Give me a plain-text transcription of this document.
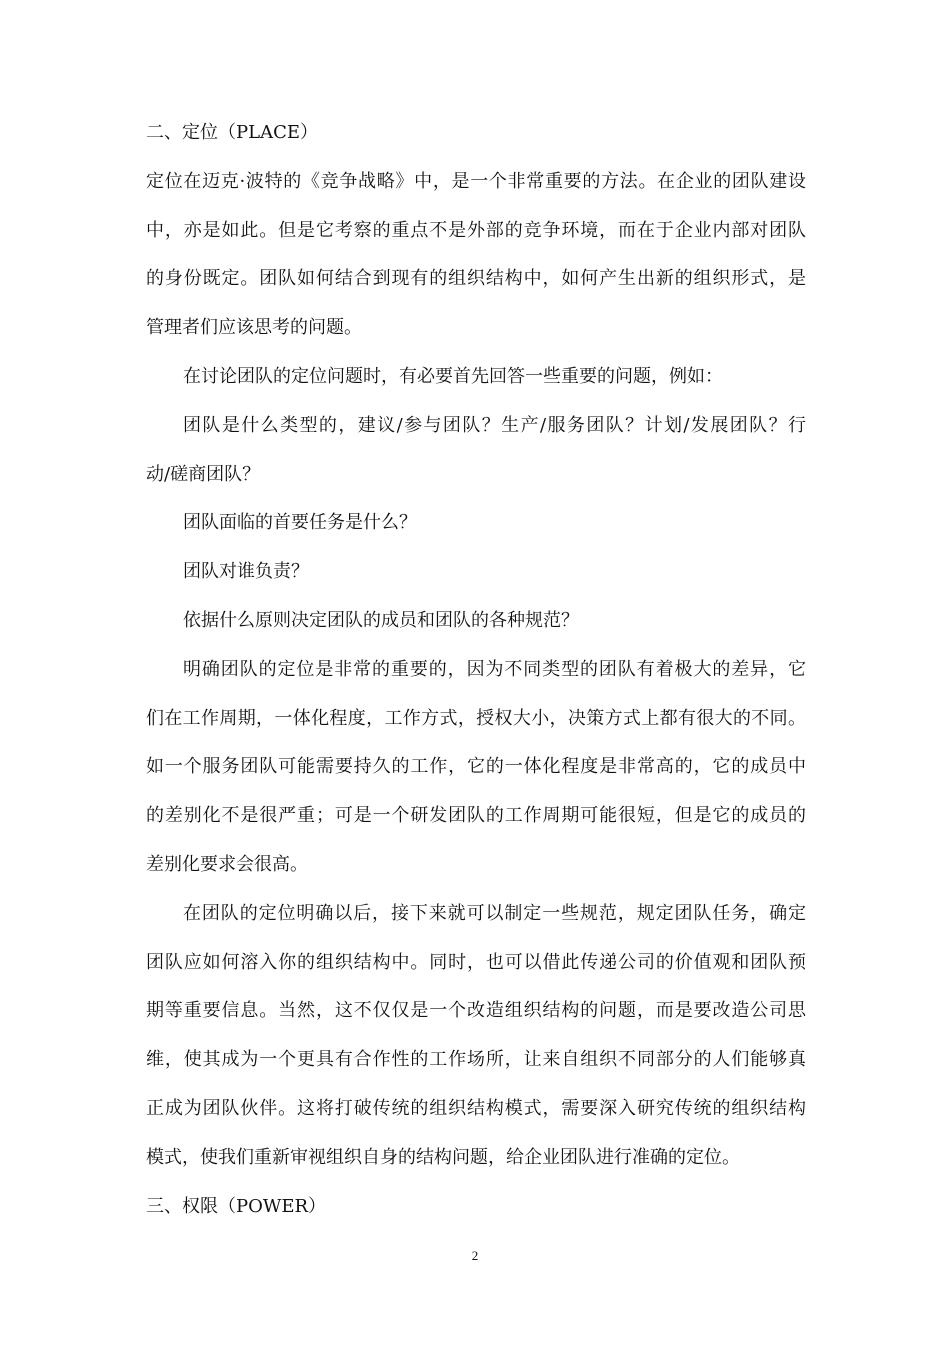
二、定位（PLACE）
定位在迈克·波特的《竞争战略》中，是一个非常重要的方法。在企业的团队建设
中，亦是如此。但是它考察的重点不是外部的竞争环境，而在于企业内部对团队
的身份既定。团队如何结合到现有的组织结构中，如何产生出新的组织形式，是
管理者们应该思考的问题。
在讨论团队的定位问题时，有必要首先回答一些重要的问题，例如：
团队是什么类型的，建议/参与团队？生产/服务团队？计划/发展团队？行
动/磋商团队？
团队面临的首要任务是什么？
团队对谁负责？
依据什么原则决定团队的成员和团队的各种规范？
明确团队的定位是非常的重要的，因为不同类型的团队有着极大的差异，它
们在工作周期，一体化程度，工作方式，授权大小，决策方式上都有很大的不同。
如一个服务团队可能需要持久的工作，它的一体化程度是非常高的，它的成员中
的差别化不是很严重；可是一个研发团队的工作周期可能很短，但是它的成员的
差别化要求会很高。
在团队的定位明确以后，接下来就可以制定一些规范，规定团队任务，确定
团队应如何溶入你的组织结构中。同时，也可以借此传递公司的价值观和团队预
期等重要信息。当然，这不仅仅是一个改造组织结构的问题，而是要改造公司思
维，使其成为一个更具有合作性的工作场所，让来自组织不同部分的人们能够真
正成为团队伙伴。这将打破传统的组织结构模式，需要深入研究传统的组织结构
模式，使我们重新审视组织自身的结构问题，给企业团队进行准确的定位。
三、权限（POWER）
2
